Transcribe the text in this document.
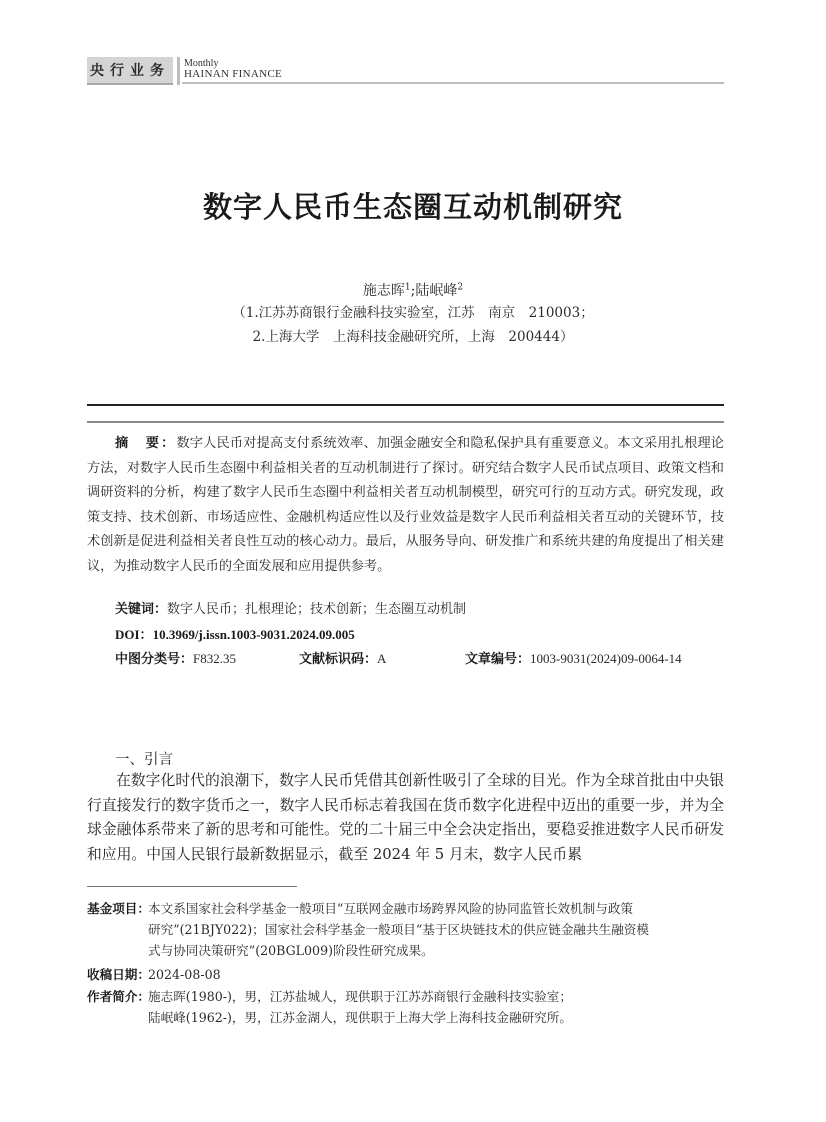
央行业务	Monthly
HAINAN FINANCE
数字人民币生态圈互动机制研究
施志晖$^1$;陆岷峰$^2$
（1.江苏苏商银行金融科技实验室，江苏　南京　210003；
2.上海大学　上海科技金融研究所，上海　200444）
摘　要：数字人民币对提高支付系统效率、加强金融安全和隐私保护具有重要意义。本文采用扎根理论方法，对数字人民币生态圈中利益相关者的互动机制进行了探讨。研究结合数字人民币试点项目、政策文档和调研资料的分析，构建了数字人民币生态圈中利益相关者互动机制模型，研究可行的互动方式。研究发现，政策支持、技术创新、市场适应性、金融机构适应性以及行业效益是数字人民币利益相关者互动的关键环节，技术创新是促进利益相关者良性互动的核心动力。最后，从服务导向、研发推广和系统共建的角度提出了相关建议，为推动数字人民币的全面发展和应用提供参考。
关键词：数字人民币；扎根理论；技术创新；生态圈互动机制
DOI：10.3969/j.issn.1003-9031.2024.09.005
中图分类号：F832.35	文献标识码：A	文章编号：1003-9031(2024)09-0064-14
一、引言
在数字化时代的浪潮下，数字人民币凭借其创新性吸引了全球的目光。作为全球首批由中央银行直接发行的数字货币之一，数字人民币标志着我国在货币数字化进程中迈出的重要一步，并为全球金融体系带来了新的思考和可能性。党的二十届三中全会决定指出，要稳妥推进数字人民币研发和应用。中国人民银行最新数据显示，截至 2024 年 5 月末，数字人民币累
基金项目：
本文系国家社会科学基金一般项目“互联网金融市场跨界风险的协同监管长效机制与政策
研究”(21BJY022)；国家社会科学基金一般项目“基于区块链技术的供应链金融共生融资模
式与协同决策研究”(20BGL009)阶段性研究成果。
收稿日期：
2024-08-08
作者简介：
施志晖(1980-)，男，江苏盐城人，现供职于江苏苏商银行金融科技实验室；
陆岷峰(1962-)，男，江苏金湖人，现供职于上海大学上海科技金融研究所。
